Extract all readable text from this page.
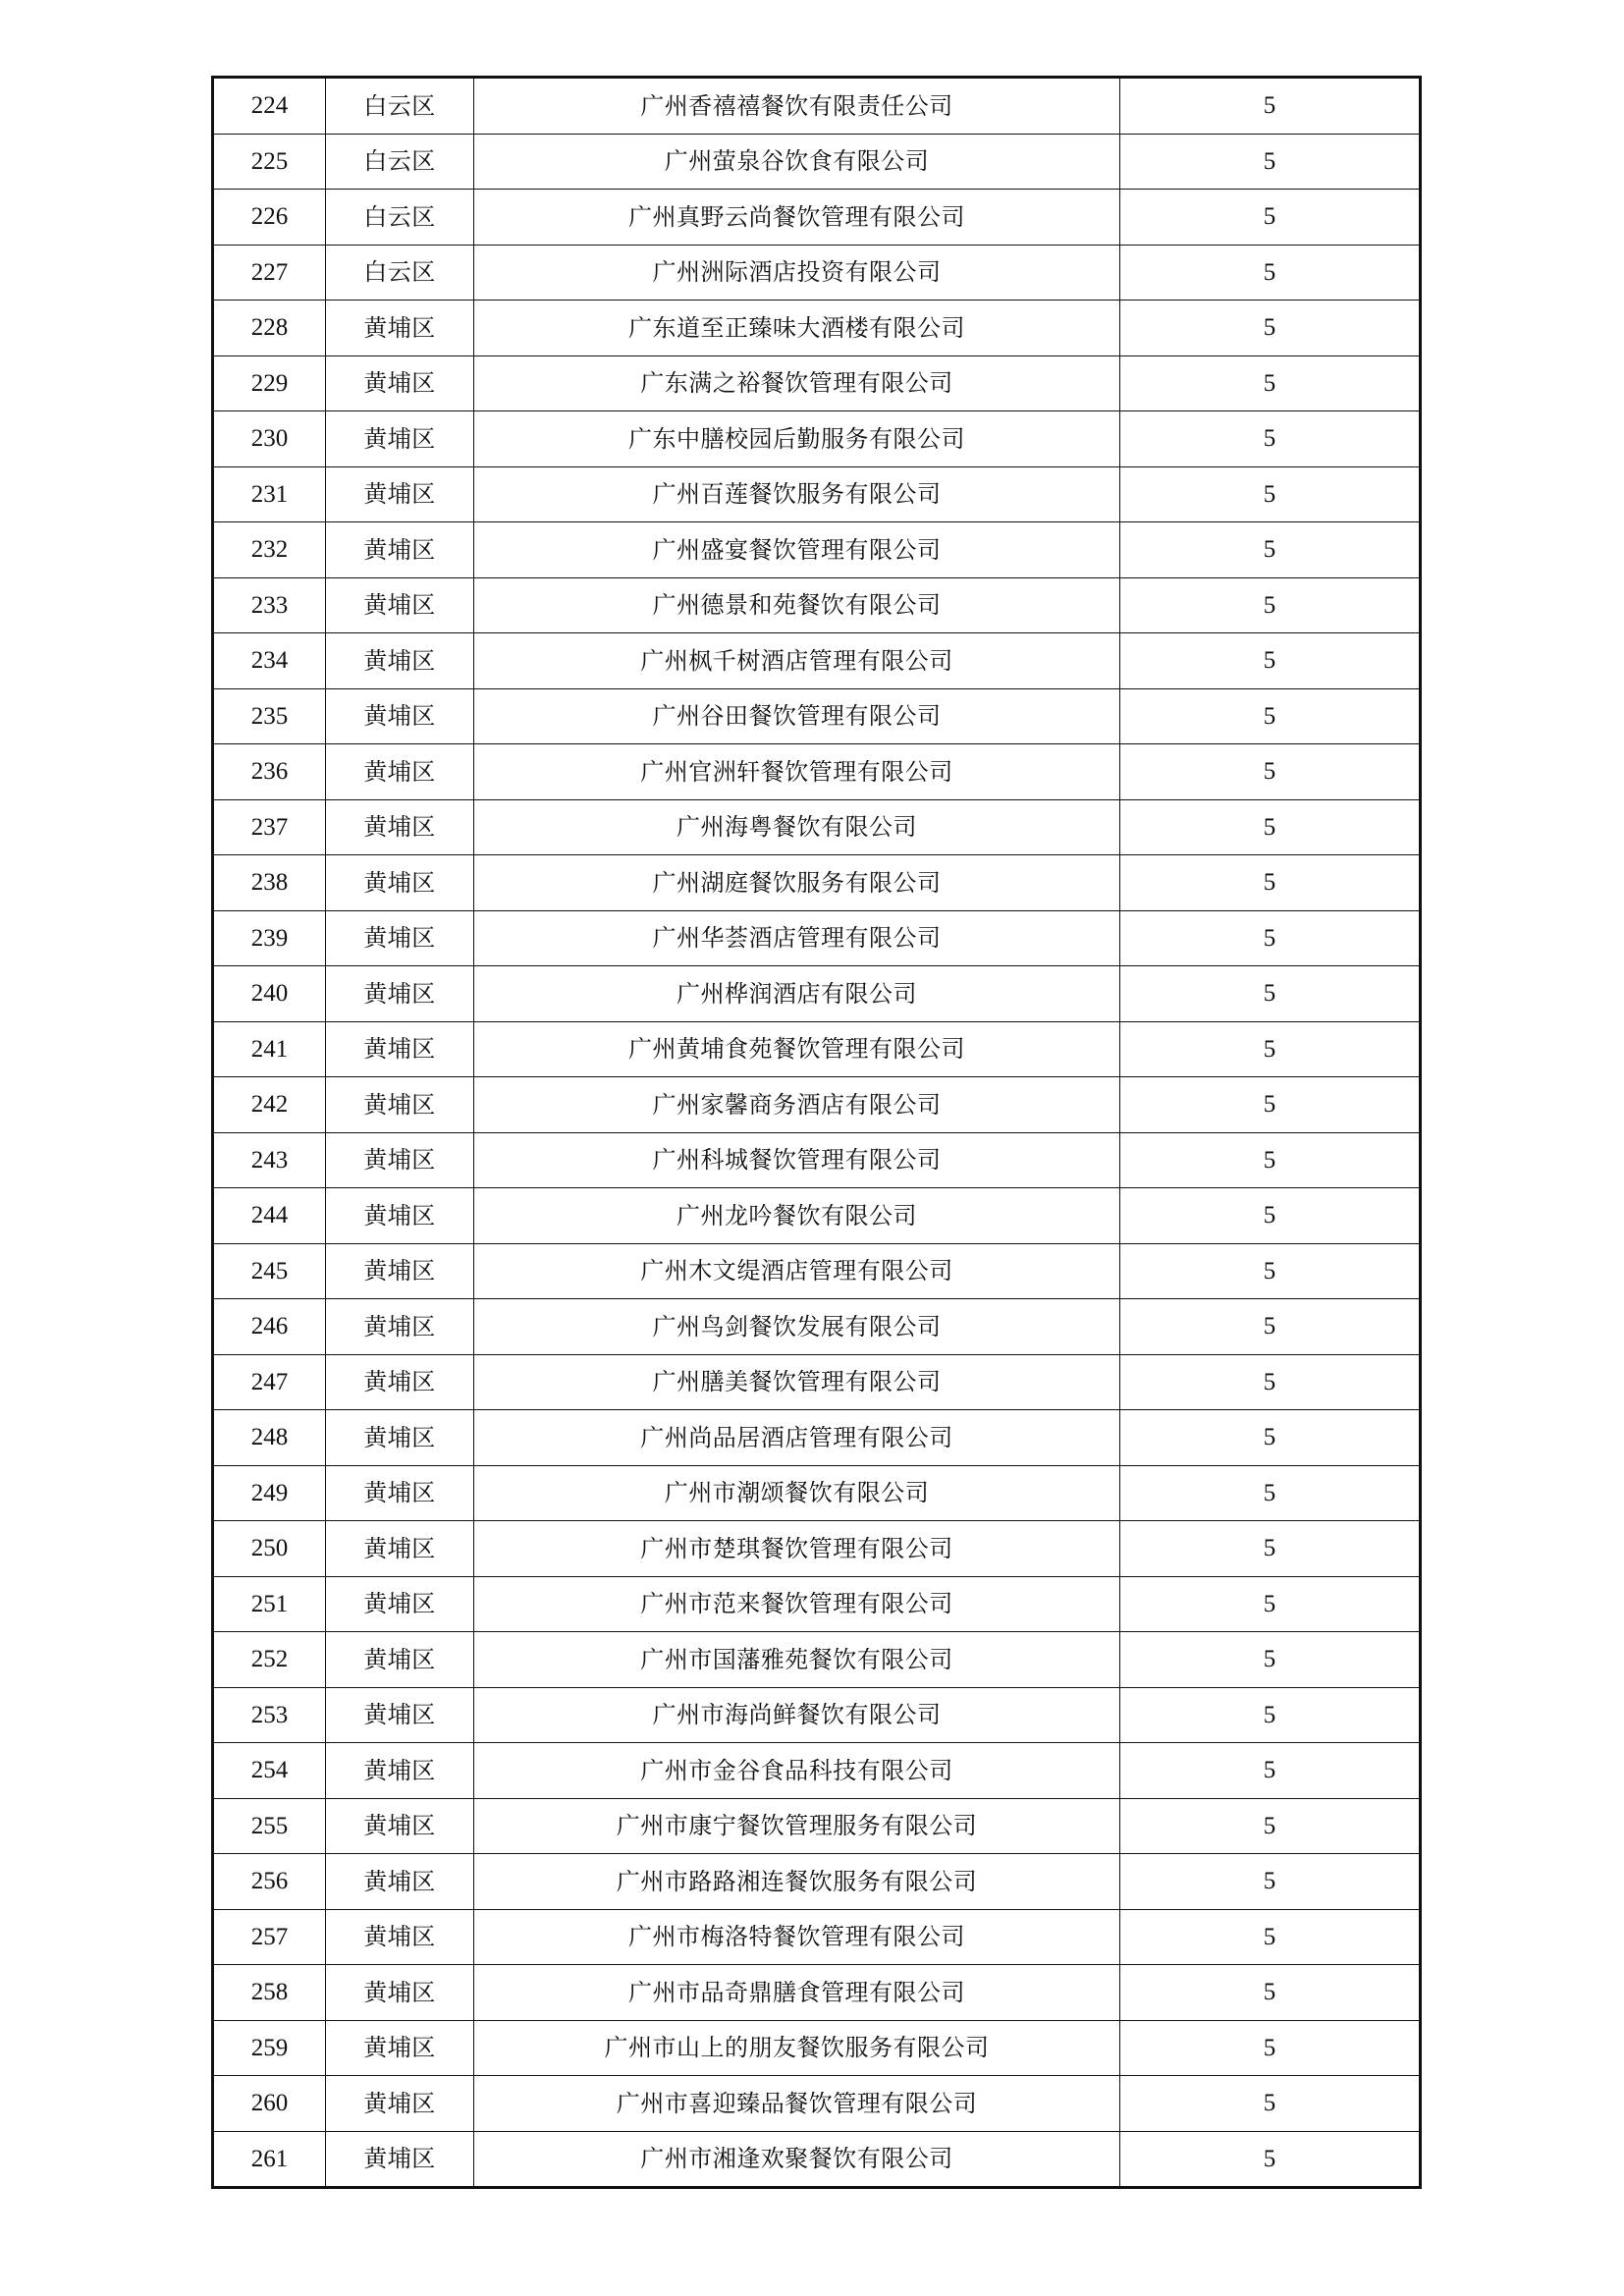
224	白云区	广州香禧禧餐饮有限责任公司	5
225	白云区	广州萤泉谷饮食有限公司	5
226	白云区	广州真野云尚餐饮管理有限公司	5
227	白云区	广州洲际酒店投资有限公司	5
228	黄埔区	广东道至正臻味大酒楼有限公司	5
229	黄埔区	广东满之裕餐饮管理有限公司	5
230	黄埔区	广东中膳校园后勤服务有限公司	5
231	黄埔区	广州百莲餐饮服务有限公司	5
232	黄埔区	广州盛宴餐饮管理有限公司	5
233	黄埔区	广州德景和苑餐饮有限公司	5
234	黄埔区	广州枫千树酒店管理有限公司	5
235	黄埔区	广州谷田餐饮管理有限公司	5
236	黄埔区	广州官洲轩餐饮管理有限公司	5
237	黄埔区	广州海粤餐饮有限公司	5
238	黄埔区	广州湖庭餐饮服务有限公司	5
239	黄埔区	广州华荟酒店管理有限公司	5
240	黄埔区	广州桦润酒店有限公司	5
241	黄埔区	广州黄埔食苑餐饮管理有限公司	5
242	黄埔区	广州家馨商务酒店有限公司	5
243	黄埔区	广州科城餐饮管理有限公司	5
244	黄埔区	广州龙吟餐饮有限公司	5
245	黄埔区	广州木文缇酒店管理有限公司	5
246	黄埔区	广州鸟剑餐饮发展有限公司	5
247	黄埔区	广州膳美餐饮管理有限公司	5
248	黄埔区	广州尚品居酒店管理有限公司	5
249	黄埔区	广州市潮颂餐饮有限公司	5
250	黄埔区	广州市楚琪餐饮管理有限公司	5
251	黄埔区	广州市范来餐饮管理有限公司	5
252	黄埔区	广州市国藩雅苑餐饮有限公司	5
253	黄埔区	广州市海尚鲜餐饮有限公司	5
254	黄埔区	广州市金谷食品科技有限公司	5
255	黄埔区	广州市康宁餐饮管理服务有限公司	5
256	黄埔区	广州市路路湘连餐饮服务有限公司	5
257	黄埔区	广州市梅洛特餐饮管理有限公司	5
258	黄埔区	广州市品奇鼎膳食管理有限公司	5
259	黄埔区	广州市山上的朋友餐饮服务有限公司	5
260	黄埔区	广州市喜迎臻品餐饮管理有限公司	5
261	黄埔区	广州市湘逢欢聚餐饮有限公司	5
